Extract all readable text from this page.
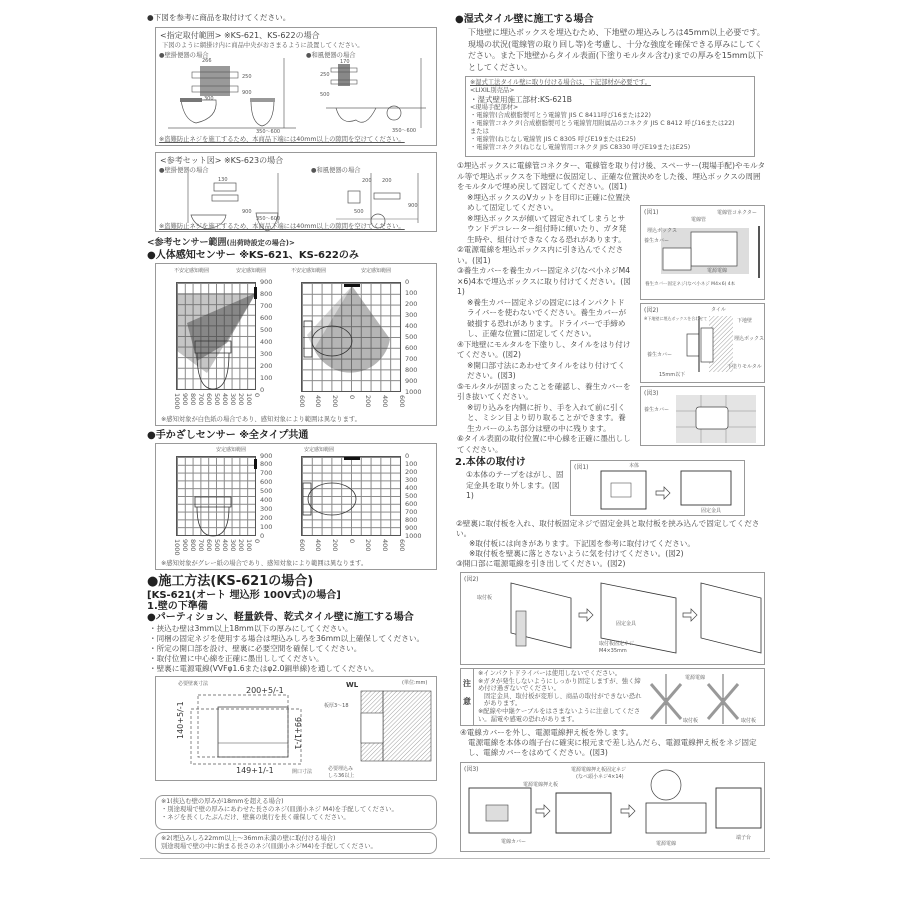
●下図を参考に商品を取付けてください。
<指定取付範囲> ※KS-621、KS-622の場合
下図のように網掛け内に商品中央がおさまるように設置してください。
●壁掛便器の場合	●和風便器の場合
266
250
300
900
350～600
170
250
500
350～600
※盗難防止ネジを施工するため、本商品下端には40mm以上の隙間を空けてください。
<参考セット図> ※KS-623の場合
●壁掛便器の場合	●和風便器の場合
130
900
350～600
200 200
500
900
※盗難防止ネジを施工するため、本商品下端には40mm以上の隙間を空けてください。
<参考センサー範囲(出荷時設定の場合)>
●人体感知センサー ※KS-621、KS-622のみ
不安定感知範囲	安定感知範囲	不安定感知範囲	安定感知範囲
※感知対象が白色紙の場合であり、感知対象により範囲は異なります。
900
800
700
600
500
400
300
200
100
0
1000 900 800 700 600 500 400 300 200 100 0
0
100
200
300
400
500
600
700
800
900
1000
600 400 200 0 200 400 600
●手かざしセンサー ※全タイプ共通
安定感知範囲	安定感知範囲
※感知対象がグレー紙の場合であり、感知対象により範囲は異なります。
900
800
700
600
500
400
300
200
100
0
1000 900 800 700 600 500 400 300 200 100 0
0
100
200
300
400
500
600
700
800
900
1000
600 400 200 0 200 400 600
●施工方法(KS-621の場合)
[KS-621(オート 埋込形 100V式)の場合]
1.壁の下準備
●パーティション、軽量鉄骨、乾式タイル壁に施工する場合
・挟込む壁は3mm以上18mm以下の厚みにしてください。
・同梱の固定ネジを使用する場合は埋込みしろを36mm以上確保してください。
・所定の開口部を設け、壁裏に必要空間を確保してください。
・取付位置に中心線を正確に墨出ししてください。
・壁裏に電源電線(VVFφ1.6またはφ2.0銅単線)を通してください。
(単位:mm)
必要壁裏寸法
200+5/-1
140+5/-1	99+1/-1
149+1/-1	開口寸法
WL
板厚3～18
必要埋込み
しろ36以上
※1(挟込む壁の厚みが18mmを超える場合)
・別途現場で壁の厚みにあわせた長さのネジ(皿頭小ネジ M4)を手配してください。
・ネジを長くしたぶんだけ、壁裏の奥行を長く確保してください。
※2(埋込みしろ22mm以上～36mm未満の壁に取付ける場合)
別途現場で壁の中に納まる長さのネジ(皿頭小ネジM4)を手配してください。
●湿式タイル壁に施工する場合
下地壁に埋込ボックスを埋込むため、下地壁の埋込みしろは45mm以上必要です。現場の状況(電線管の取り回し等)を考慮し、十分な強度を確保できる厚みにしてください。また下地壁からタイル表面(下塗りモルタル含む)までの厚みを15mm以下としてください。
※湿式工法タイル壁に取り付ける場合は、下記部材が必要です。
<LIXIL別売品>
・湿式壁用施工部材:KS-621B
<現場手配部材>
・電線管(合成樹脂製可とう電線管 JIS C 8411呼び16または22)
・電線管コネクタ(合成樹脂製可とう電線管用附属品のコネクタ JIS C 8412 呼び16または22)
または
・電線管(ねじなし電線管 JIS C 8305 呼びE19またはE25)
・電線管コネクタ(ねじなし電線管用コネクタ JIS C8330 呼びE19またはE25)
①埋込ボックスに電線管コネクター、電線管を取り付け後、スペーサー(現場手配)やモルタル等で埋込ボックスを下地壁に仮固定し、正確な位置決めをした後、埋込ボックスの周囲をモルタルで埋め戻して固定してください。(図1)
※埋込ボックスのVカットを目印に正確に位置決めして固定してください。
※埋込ボックスが傾いて固定されてしまうとサウンドデコレーター組付時に傾いたり、ガタ発生時や、組付けできなくなる恐れがあります。
②電源電線を埋込ボックス内に引き込んでください。(図1)
③養生カバーを養生カバー固定ネジ(なべ小ネジM4×6)4本で埋込ボックスに取り付けてください。(図1)
※養生カバー固定ネジの固定にはインパクトドライバーを使わないでください。養生カバーが破損する恐れがあります。ドライバーで手締めし、正確な位置に固定してください。
④下地壁にモルタルを下塗りし、タイルをはり付けてください。(図2)
※開口部寸法にあわせてタイルをはり付けてください。(図3)
⑤モルタルが固まったことを確認し、養生カバーを引き抜いてください。
※切り込みを内側に折り、手を入れて前に引くと、ミシン目より切り取ることができます。養生カバーのふち部分は壁の中に残ります。
⑥タイル表面の取付位置に中心線を正確に墨出ししてください。
(図1)
電線管
電線管コネクター
埋込ボックス
養生カバー
電源電線
養生カバー固定ネジ(なべ小ネジ M4×6) 4本
(図2)	タイル
※下地壁に埋込ボックスを合わせて	下地壁
埋込ボックス
養生カバー
下塗りモルタル
15mm以下
(図3)
養生カバー
2.本体の取付け
①本体のテープをはがし、固定金具を取り外します。(図1)
(図1)	本体
固定金具
②壁裏に取付板を入れ、取付板固定ネジで固定金具と取付板を挟み込んで固定してください。
※取付板には向きがあります。下記図を参考に取付けてください。
※取付板を壁裏に落とさないように気を付けてください。(図2)
③開口部に電源電線を引き出してください。(図2)
(図2)
取付板
固定金具
取付板固定ネジ
M4×35mm
注
意
※インパクトドライバーは使用しないでください。
※ガタが発生しないようにしっかり固定しますが、強く締め付け過ぎないでください。
固定金具、取付板が変形し、商品の取付ができない恐れがあります。
※配線や中継ケーブルをはさまないように注意してください。漏電や感電の恐れがあります。
電源電線
取付板	取付板
④電線カバーを外し、電源電線押え板を外します。
電源電線を本体の端子台に確実に根元まで差し込んだら、電源電線押え板をネジ固定し、電線カバーをはめてください。(図3)
(図3)	電源電線押え板固定ネジ
(なべ頭小ネジ4×14)
電源電線押え板
電線カバー	電源電線
端子台
